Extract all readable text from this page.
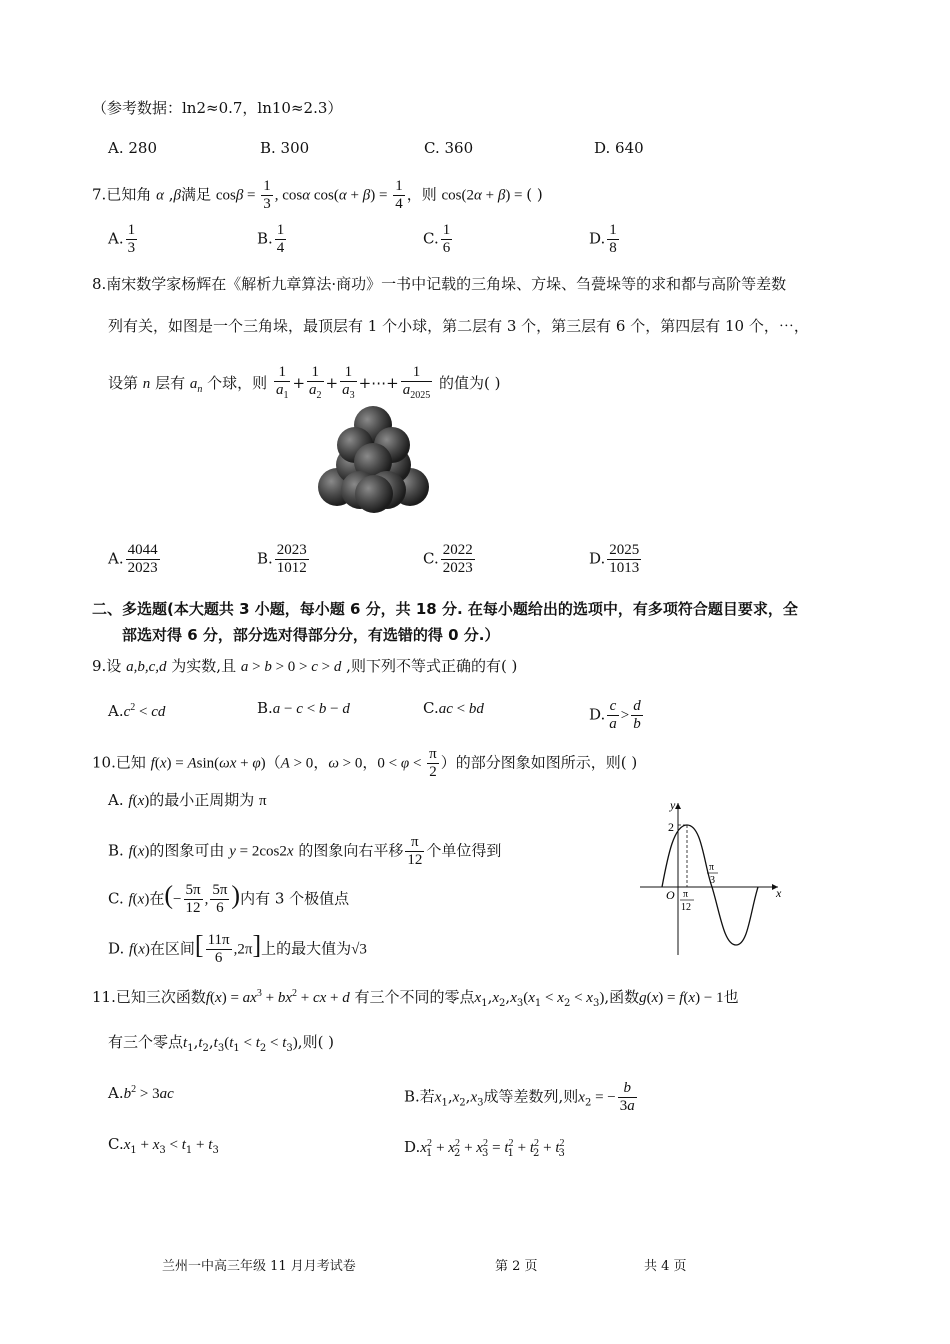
（参考数据：ln2≈0.7，ln10≈2.3）
A. 280	B. 300	C. 360	D. 640
7.已知角 α ,β满足 $\cos\beta = \frac{1}{3}$ , cosα $\cos(\alpha + \beta) = \frac{1}{4}$ ，则 cos(2α + β) = ( )
A. $\frac{1}{3}$	B. $\frac{1}{4}$	C. $\frac{1}{6}$	D. $\frac{1}{8}$
8.南宋数学家杨辉在《解析九章算法·商功》一书中记载的三角垛、方垛、刍甍垛等的求和都与高阶等差数
列有关，如图是一个三角垛，最顶层有 1 个小球，第二层有 3 个，第三层有 6 个，第四层有 10 个，⋯，
设第 n 层有 $a_n$ 个球，则 $\frac{1}{a_1} + \frac{1}{a_2} + \frac{1}{a_3}$ +⋯+ $\frac{1}{a_{2025}}$ 的值为( )
A. $\frac{4044}{2023}$	B. $\frac{2023}{1012}$	C. $\frac{2022}{2023}$	D. $\frac{2025}{1013}$
二、多选题(本大题共 3 小题，每小题 6 分，共 18 分. 在每小题给出的选项中，有多项符合题目要求，全
部选对得 6 分，部分选对得部分分，有选错的得 0 分.）
9.设 a,b,c,d 为实数,且 a > b > 0 > c > d ,则下列不等式正确的有( )
$A.c^2$ < cd	B.a − c < b − d	C.ac < bd	D. $\frac{c}{a} > \frac{d}{b}$
10.已知 f(x) = Asin(ωx + φ)（A > 0，ω > 0，$0 < \varphi < \frac{\pi}{2}$ ）的部分图象如图所示，则( )
A. f(x)的最小正周期为 π
B. f(x)的图象可由 y = 2cos2x 的图象向右平移 $\frac{\pi}{12}$ 个单位得到
C. f(x)在(− $\frac{5\pi}{12}$ , $\frac{5\pi}{6}$ )内有 3 个极值点
D. f(x)在区间[ $\frac{11\pi}{6} ,2\pi$]上的最大值为√3
y
x
O
2
π
3
π
12
11.已知三次函数$f(x) = ax^3 + bx^2$ + cx + d 有三个不同的零点$x_1,x_2,x_3(x_1 < x_2 < x_3)$,函数g(x) = f(x) − 1也
有三个零点$t_1,t_2,t_3(t_1 < t_2 < t_3)$,则( )
$A.b^2 > 3ac$	B.若$x_1,x_2,x_3$成等差数列,则$x_2$ = − $\frac{b}{3a}$
$C.x_1 + x_3 < t_1 + t_3$	$D.x^2_1 + x^2_2 + x^2_3 = t^2_1 + t^2_2 + t^2_3$
兰州一中高三年级 11 月月考试卷	第 2 页	共 4 页
